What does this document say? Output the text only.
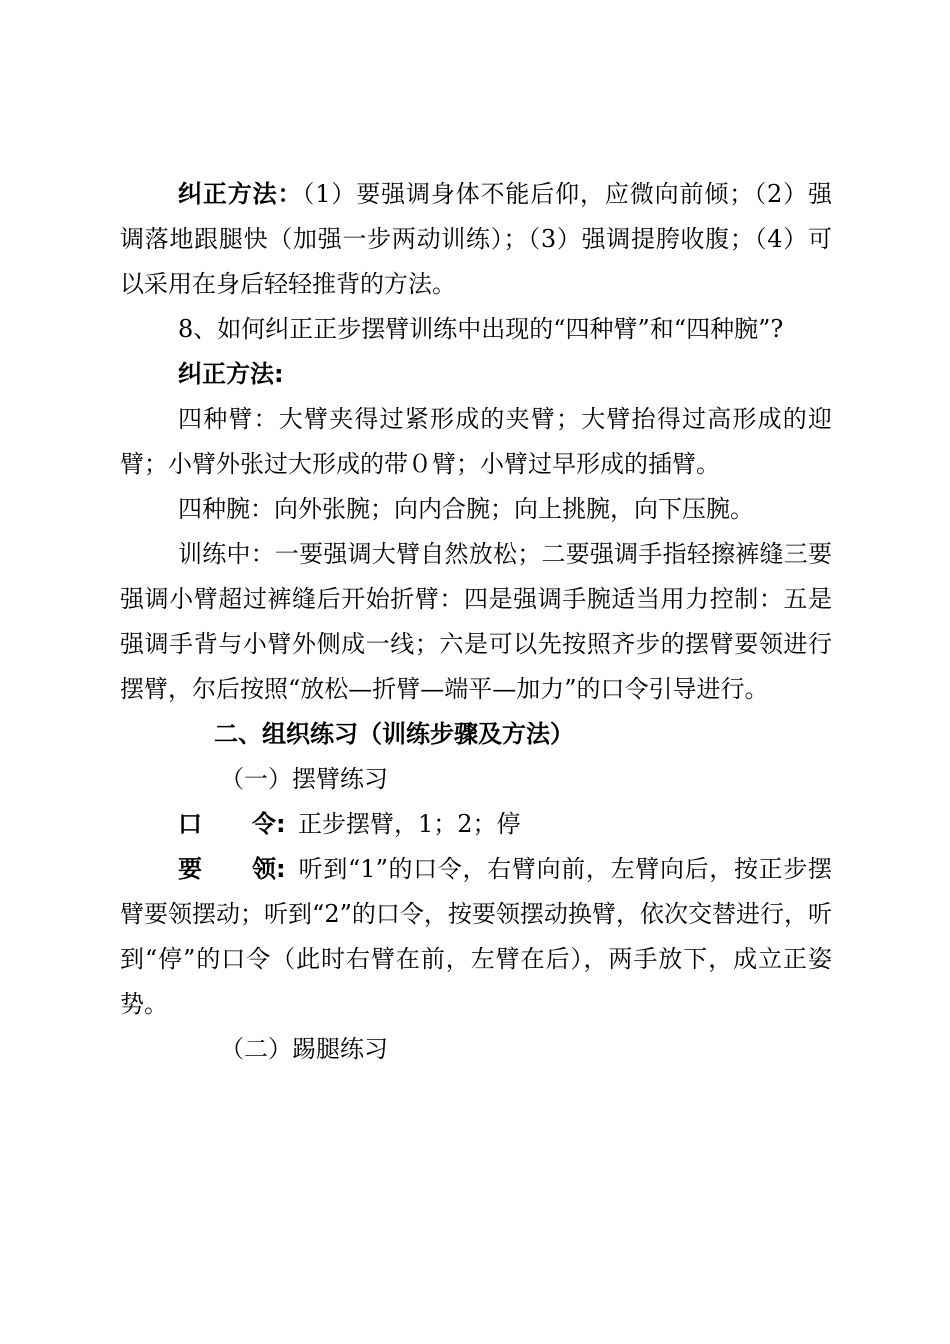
纠正方法：（1）要强调身体不能后仰，应微向前倾；（2）强调落地跟腿快（加强一步两动训练）；（3）强调提胯收腹；（4）可以采用在身后轻轻推背的方法。

8、如何纠正正步摆臂训练中出现的“四种臂”和“四种腕”?

纠正方法:

四种臂：大臂夹得过紧形成的夹臂；大臂抬得过高形成的迎臂；小臂外张过大形成的带０臂；小臂过早形成的插臂。

四种腕：向外张腕；向内合腕；向上挑腕，向下压腕。

训练中：一要强调大臂自然放松；二要强调手指轻擦裤缝三要强调小臂超过裤缝后开始折臂：四是强调手腕适当用力控制：五是强调手背与小臂外侧成一线；六是可以先按照齐步的摆臂要领进行摆臂，尔后按照“放松—折臂—端平—加力”的口令引导进行。

二、组织练习（训练步骤及方法）

（一）摆臂练习

口 令: 正步摆臂，1；2；停

要 领: 听到“1”的口令，右臂向前，左臂向后，按正步摆臂要领摆动；听到“2”的口令，按要领摆动换臂，依次交替进行，听到“停”的口令（此时右臂在前，左臂在后），两手放下，成立正姿势。

（二）踢腿练习
